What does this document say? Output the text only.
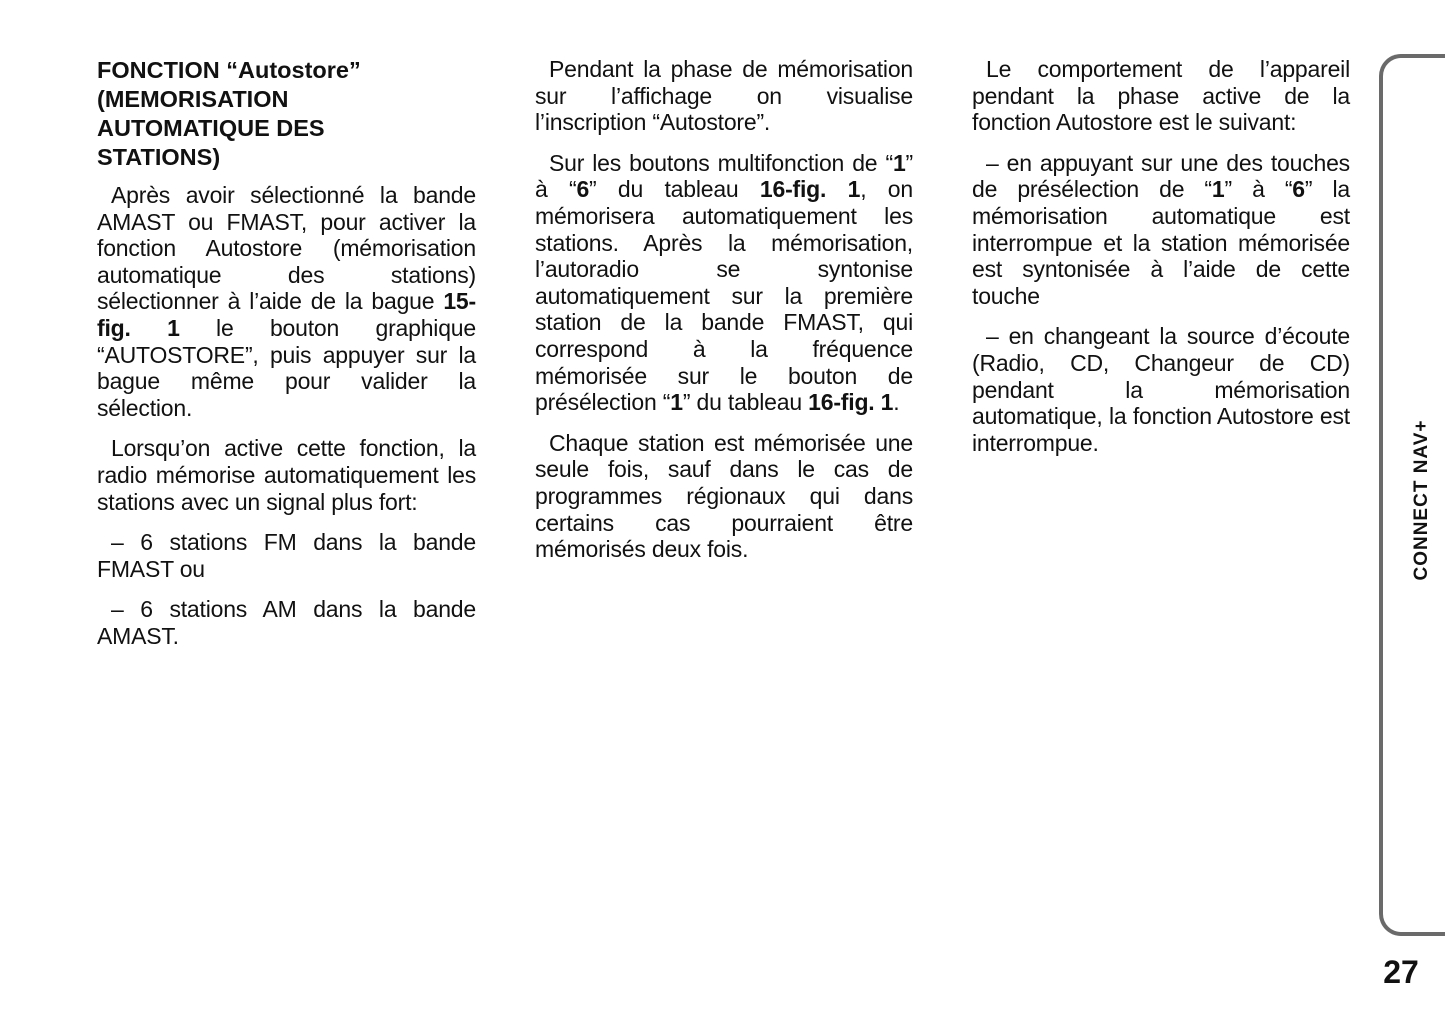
FONCTION “Autostore”
(MEMORISATION
AUTOMATIQUE DES
STATIONS)

Après avoir sélectionné la bande AMAST ou FMAST, pour activer la fonction Autostore (mémorisation automatique des stations) sélectionner à l’aide de la bague 15-fig. 1 le bouton graphique “AUTOSTORE”, puis appuyer sur la bague même pour valider la sélection.

Lorsqu’on active cette fonction, la radio mémorise automatiquement les stations avec un signal plus fort:

– 6 stations FM dans la bande FMAST ou

– 6 stations AM dans la bande AMAST.

Pendant la phase de mémorisation sur l’affichage on visualise l’inscription “Autostore”.

Sur les boutons multifonction de “1” à “6” du tableau 16-fig. 1, on mémorisera automatiquement les stations. Après la mémorisation, l’autoradio se syntonise automatiquement sur la première station de la bande FMAST, qui correspond à la fréquence mémorisée sur le bouton de présélection “1” du tableau 16-fig. 1.

Chaque station est mémorisée une seule fois, sauf dans le cas de programmes régionaux qui dans certains cas pourraient être mémorisés deux fois.

Le comportement de l’appareil pendant la phase active de la fonction Autostore est le suivant:

– en appuyant sur une des touches de présélection de “1” à “6” la mémorisation automatique est interrompue et la station mémorisée est syntonisée à l’aide de cette touche

– en changeant la source d’écoute (Radio, CD, Changeur de CD) pendant la mémorisation automatique, la fonction Autostore est interrompue.	CONNECT NAV+
27
